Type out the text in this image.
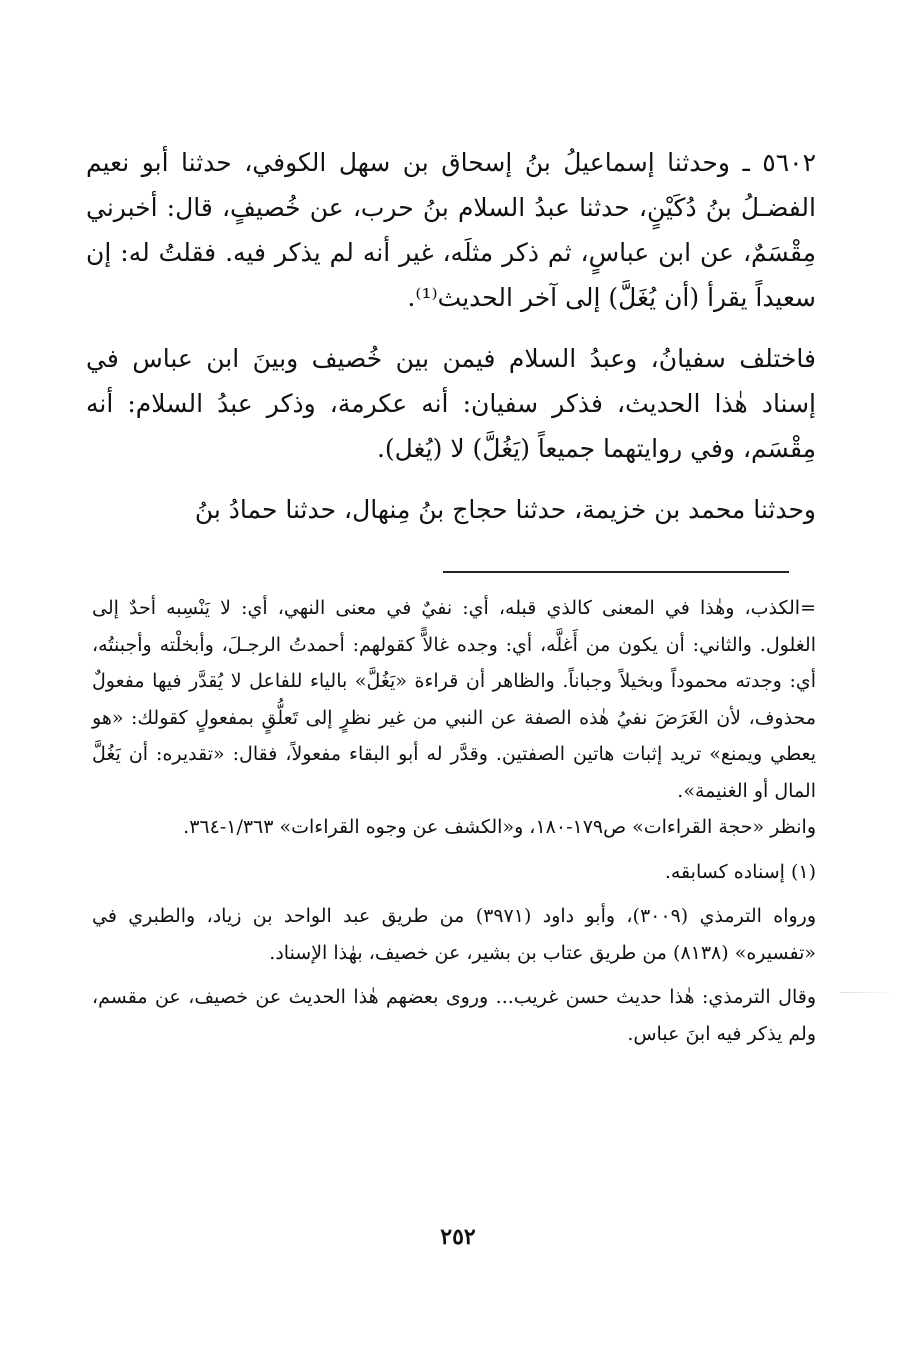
٥٦٠٢ ـ وحدثنا إسماعيلُ بنُ إسحاق بن سهل الكوفي، حدثنا أبو نعيم الفضـلُ بنُ دُكَيْنٍ، حدثنا عبدُ السلام بنُ حرب، عن خُصيفٍ، قال: أخبرني مِقْسَمٌ، عن ابن عباسٍ، ثم ذكر مثلَه، غير أنه لم يذكر فيه. فقلتُ له: إن سعيداً يقرأ (أن يُغَلَّ) إلى آخر الحديث⁽¹⁾.

فاختلف سفيانُ، وعبدُ السلام فيمن بين خُصيف وبينَ ابن عباس في إسناد هٰذا الحديث، فذكر سفيان: أنه عكرمة، وذكر عبدُ السلام: أنه مِقْسَم، وفي روايتهما جميعاً (يَغُلَّ) لا (يُغل).

وحدثنا محمد بن خزيمة، حدثنا حجاج بنُ مِنهال، حدثنا حمادُ بنُ

=الكذب، وهٰذا في المعنى كالذي قبله، أي: نفيٌ في معنى النهي، أي: لا يَنْسِبه أحدٌ إلى الغلول. والثاني: أن يكون من أَغلَّه، أي: وجده غالاًّ كقولهم: أحمدتُ الرجـلَ، وأبخلْته وأجبنتُه، أي: وجدته محموداً وبخيلاً وجباناً. والظاهر أن قراءة «يَغُلَّ» بالياء للفاعل لا يُقدَّر فيها مفعولٌ محذوف، لأن الغَرَضَ نفيُ هٰذه الصفة عن النبي من غير نظرٍ إلى تَعلُّقٍ بمفعولٍ كقولك: «هو يعطي ويمنع» تريد إثبات هاتين الصفتين. وقدَّر له أبو البقاء مفعولاً، فقال: «تقديره: أن يَغُلَّ المال أو الغنيمة».

وانظر «حجة القراءات» ص١٧٩-١٨٠، و«الكشف عن وجوه القراءات» ١/٣٦٣-٣٦٤.

(١) إسناده كسابقه.

ورواه الترمذي (٣٠٠٩)، وأبو داود (٣٩٧١) من طريق عبد الواحد بن زياد، والطبري في «تفسيره» (٨١٣٨) من طريق عتاب بن بشير، عن خصيف، بهٰذا الإسناد.

وقال الترمذي: هٰذا حديث حسن غريب... وروى بعضهم هٰذا الحديث عن خصيف، عن مقسم، ولم يذكر فيه ابنَ عباس.

٢٥٢
